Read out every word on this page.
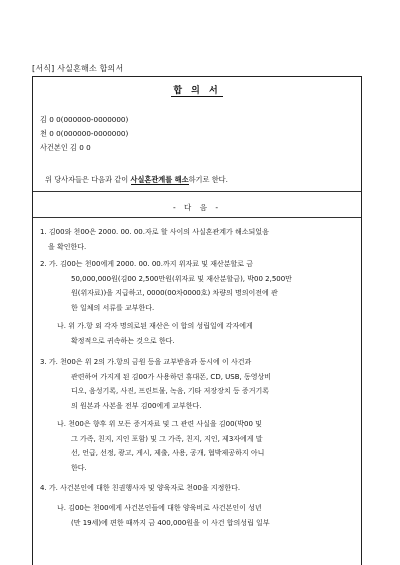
[서식] 사실혼해소 합의서
합 의 서
김 0 0(000000-0000000)
천 0 0(000000-0000000)
사건본인 김 0 0
위 당사자들은 다음과 같이 사실혼관계를 해소하기로 한다.
- 다 음 -
1. 김00와 천00은 2000. 00. 00.자로 할 사이의 사실혼관계가 해소되었음
을 확인한다.
2. 가. 김00는 천00에게 2000. 00. 00.까지 위자료 및 재산분할로 금
50,000,000원(김00 2,500만원(위자료 및 재산분할금), 박00 2,500만
원(위자료))을 지급하고, 0000(00차0000호) 차량의 명의이전에 관
한 일체의 서류를 교부한다.
나. 위 가.항 외 각자 명의로된 재산은 이 합의 성립일에 각자에게
확정적으로 귀속하는 것으로 한다.
3. 가. 천00은 위 2의 가.항의 금원 등을 교부받음과 동시에 이 사건과
관련하여 가지게 된 김00가 사용하던 휴대폰, CD, USB, 동영상비
디오, 음성기록, 사진, 프린트물, 녹음, 기타 저장장치 등 증거기록
의 원본과 사본을 전부 김00에게 교부한다.
나. 천00은 향후 위 모든 증거자료 및 그 관련 사실을 김00(박00 및
그 가족, 친지, 지인 포함) 및 그 가족, 친지, 지인, 제3자에게 말
선, 언급, 선정, 광고, 게시, 제출, 사용, 공개, 협박제공하지 아니
한다.
4. 가. 사건본인에 대한 친권행사자 및 양육자로 천00을 지정한다.
나. 김00는 천00에게 사건본인들에 대한 양육비로 사건본인이 성년
(만 19세)에 편한 때까지 금 400,000원을 이 사건 합의성립 일부
